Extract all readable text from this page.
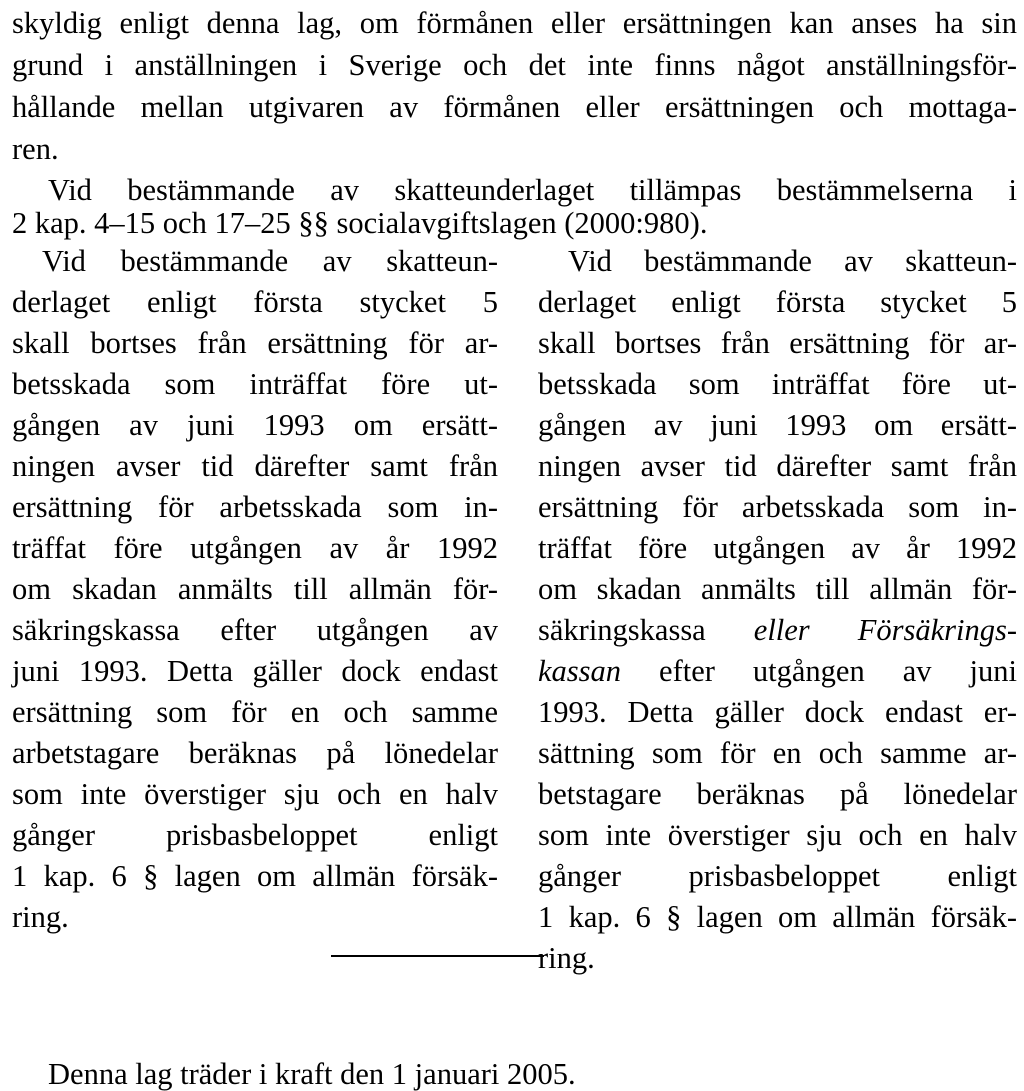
skyldig enligt denna lag, om förmånen eller ersättningen kan anses ha sin

grund i anställningen i Sverige och det inte finns något anställningsför-

hållande mellan utgivaren av förmånen eller ersättningen och mottaga-

ren.

Vid bestämmande av skatteunderlaget tillämpas bestämmelserna i

2 kap. 4–15 och 17–25 §§ socialavgiftslagen (2000:980).

Vid bestämmande av skatteun-

derlaget enligt första stycket 5

skall bortses från ersättning för ar-

betsskada som inträffat före ut-

gången av juni 1993 om ersätt-

ningen avser tid därefter samt från

ersättning för arbetsskada som in-

träffat före utgången av år 1992

om skadan anmälts till allmän för-

säkringskassa efter utgången av

juni 1993. Detta gäller dock endast

ersättning som för en och samme

arbetstagare beräknas på lönedelar

som inte överstiger sju och en halv

gånger prisbasbeloppet enligt

1 kap. 6 § lagen om allmän försäk-

ring.

Vid bestämmande av skatteun-

derlaget enligt första stycket 5

skall bortses från ersättning för ar-

betsskada som inträffat före ut-

gången av juni 1993 om ersätt-

ningen avser tid därefter samt från

ersättning för arbetsskada som in-

träffat före utgången av år 1992

om skadan anmälts till allmän för-

säkringskassa eller Försäkrings-

kassan efter utgången av juni

1993. Detta gäller dock endast er-

sättning som för en och samme ar-

betstagare beräknas på lönedelar

som inte överstiger sju och en halv

gånger prisbasbeloppet enligt

1 kap. 6 § lagen om allmän försäk-

ring.

Denna lag träder i kraft den 1 januari 2005.
